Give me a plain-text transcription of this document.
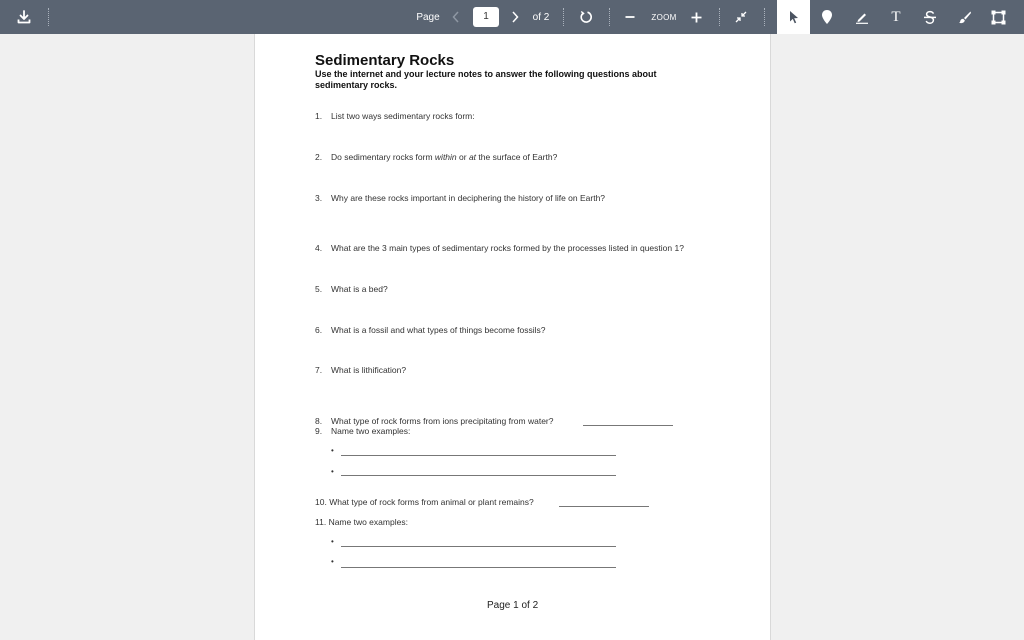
Page	1	of 2	ZOOM	T
Sedimentary Rocks
Use the internet and your lecture notes to answer the following questions about sedimentary rocks.
1. List two ways sedimentary rocks form:
2. Do sedimentary rocks form within or at the surface of Earth?
3. Why are these rocks important in deciphering the history of life on Earth?
4. What are the 3 main types of sedimentary rocks formed by the processes listed in question 1?
5. What is a bed?
6. What is a fossil and what types of things become fossils?
7. What is lithification?
8. What type of rock forms from ions precipitating from water?
9. Name two examples:
•
•
10. What type of rock forms from animal or plant remains?
11. Name two examples:
•
•
Page 1 of 2
